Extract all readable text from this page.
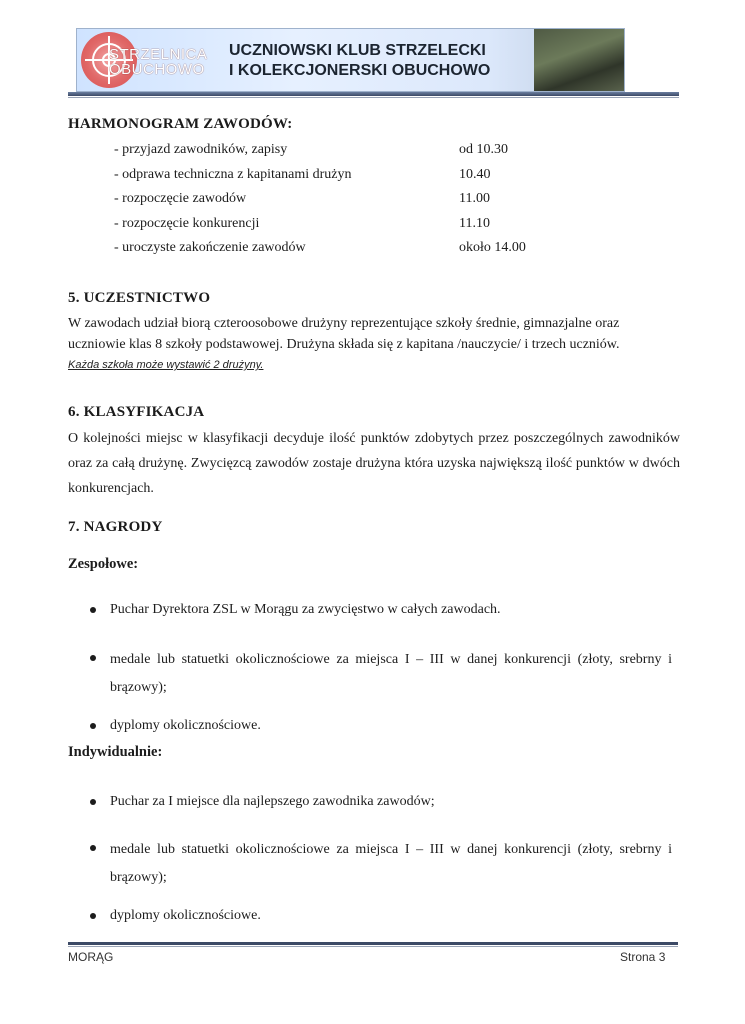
STRZELNICA
OBUCHOWO
UCZNIOWSKI KLUB STRZELECKI
I KOLEKCJONERSKI OBUCHOWO
HARMONOGRAM ZAWODÓW:
- przyjazd zawodników, zapisy	od 10.30
- odprawa techniczna z kapitanami drużyn	10.40
- rozpoczęcie zawodów	11.00
- rozpoczęcie konkurencji	11.10
- uroczyste zakończenie zawodów	około 14.00
5. UCZESTNICTWO

W zawodach udział biorą czteroosobowe drużyny reprezentujące szkoły średnie, gimnazjalne oraz uczniowie klas 8 szkoły podstawowej. Drużyna składa się z kapitana /nauczycie/ i trzech uczniów.

Każda szkoła może wystawić 2 drużyny.
6. KLASYFIKACJA

O kolejności miejsc w klasyfikacji decyduje ilość punktów zdobytych przez poszczególnych zawodników oraz za całą drużynę. Zwycięzcą zawodów zostaje drużyna która uzyska największą ilość punktów w dwóch konkurencjach.

7. NAGRODY
Zespołowe:
Puchar Dyrektora ZSL w Morągu za zwycięstwo w całych zawodach.
medale lub statuetki okolicznościowe za miejsca I – III w danej konkurencji (złoty, srebrny i brązowy);
dyplomy okolicznościowe.
Indywidualnie:
Puchar za I miejsce dla najlepszego zawodnika zawodów;
medale lub statuetki okolicznościowe za miejsca I – III w danej konkurencji (złoty, srebrny i brązowy);
dyplomy okolicznościowe.
MORĄG	Strona 3
